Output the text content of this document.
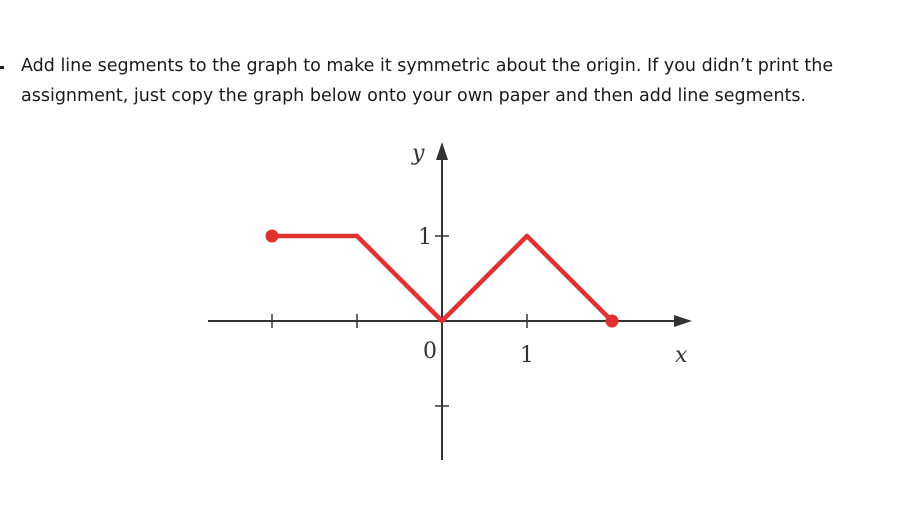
Add line segments to the graph to make it symmetric about the origin. If you didn’t print the

assignment, just copy the graph below onto your own paper and then add line segments.

y
x
0	1
1
